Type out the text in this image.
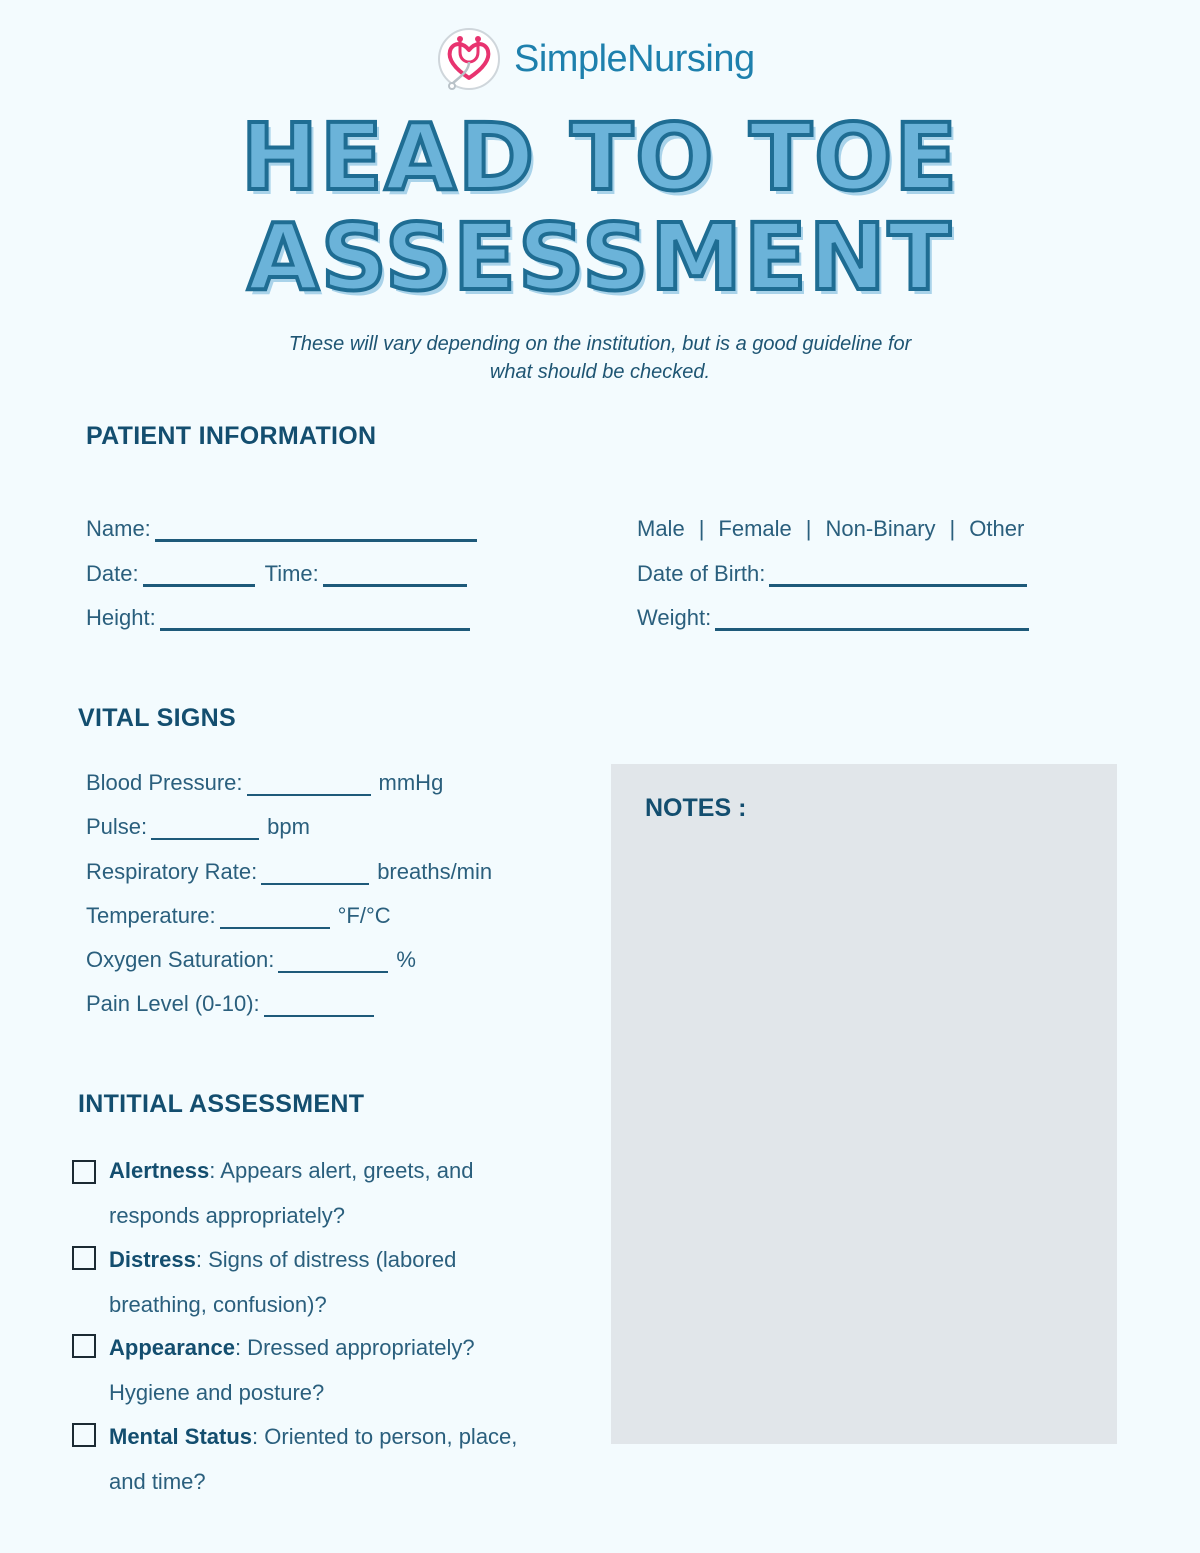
SimpleNursing
HEAD TO TOE
ASSESSMENT
These will vary depending on the institution, but is a good guideline for
what should be checked.
PATIENT INFORMATION
Name:
Date:	Time:
Height:
Male | Female | Non-Binary | Other
Date of Birth:
Weight:
VITAL SIGNS
Blood Pressure:	mmHg
Pulse:	bpm
Respiratory Rate:	breaths/min
Temperature:	°F/°C
Oxygen Saturation:	%
Pain Level (0-10):
NOTES :
INTITIAL ASSESSMENT
Alertness: Appears alert, greets, and
responds appropriately?
Distress: Signs of distress (labored
breathing, confusion)?
Appearance: Dressed appropriately?
Hygiene and posture?
Mental Status: Oriented to person, place,
and time?
